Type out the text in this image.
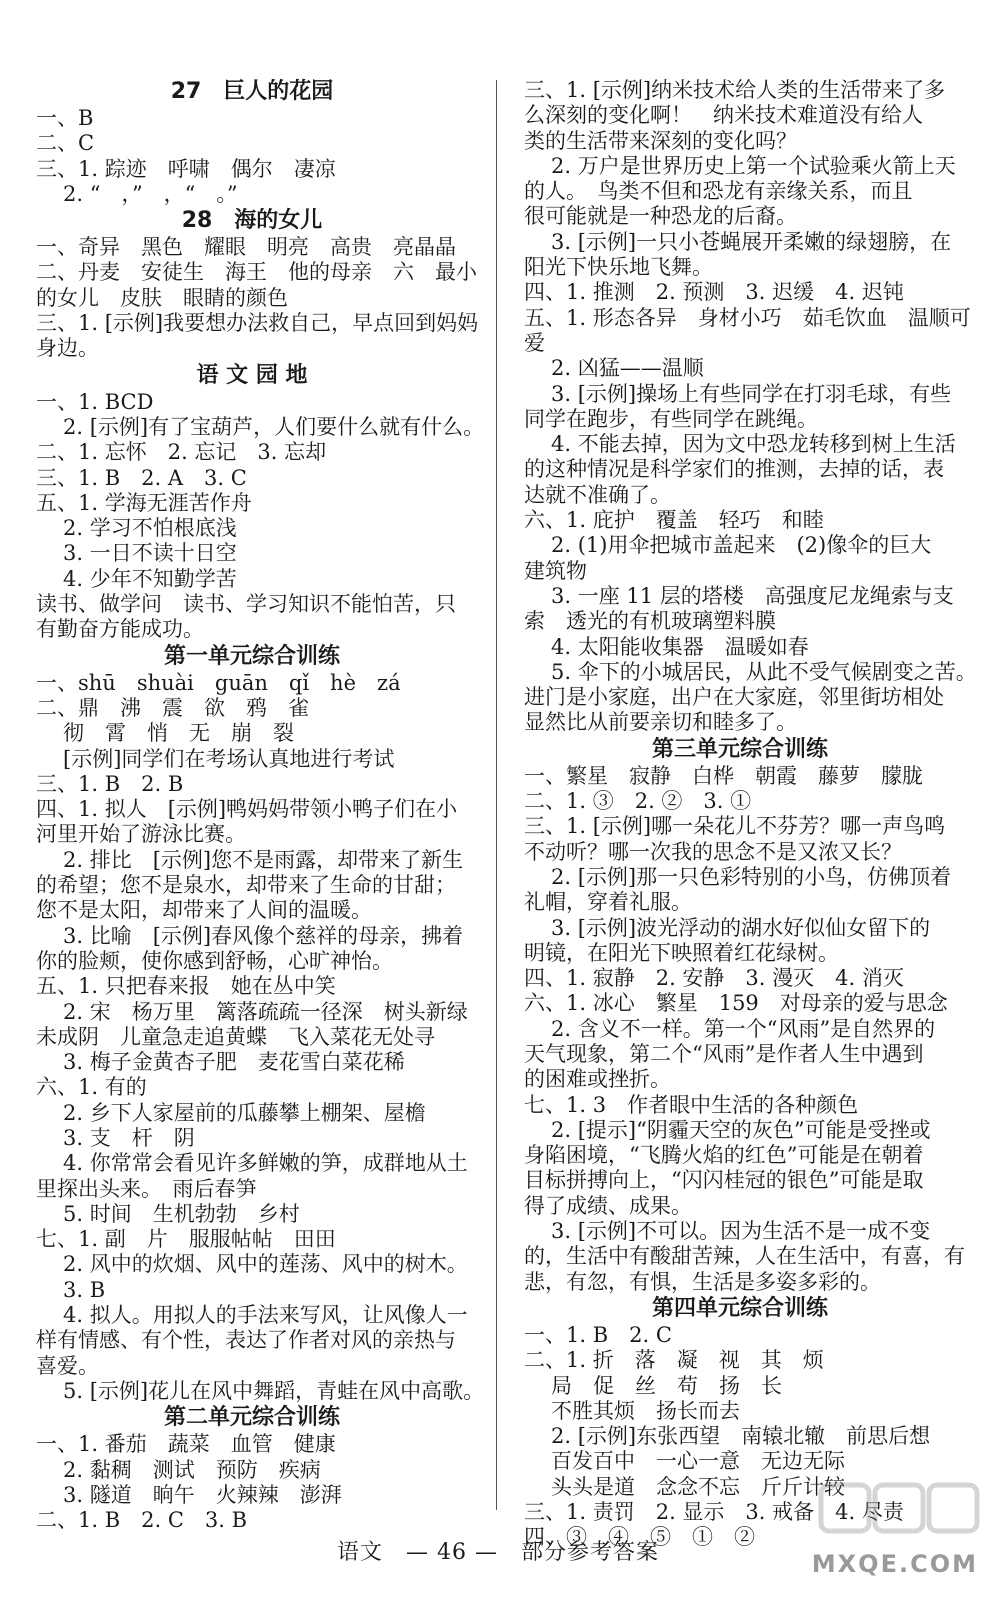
27　巨人的花园
一、B
二、C
三、1. 踪迹　呼啸　偶尔　凄凉
2. “　，”　，“　。”
28　海的女儿
一、奇异　黑色　耀眼　明亮　高贵　亮晶晶
二、丹麦　安徒生　海王　他的母亲　六　最小
的女儿　皮肤　眼睛的颜色
三、1. [示例]我要想办法救自己，早点回到妈妈
身边。
语 文 园 地
一、1. BCD
2. [示例]有了宝葫芦，人们要什么就有什么。
二、1. 忘怀　2. 忘记　3. 忘却
三、1. B　2. A　3. C
五、1. 学海无涯苦作舟
2. 学习不怕根底浅
3. 一日不读十日空
4. 少年不知勤学苦
读书、做学问　读书、学习知识不能怕苦，只
有勤奋方能成功。
第一单元综合训练
一、shū　shuài　guān　qǐ　hè　zá
二、鼎　沸　震　欲　鸦　雀
彻　霄　悄　无　崩　裂
[示例]同学们在考场认真地进行考试
三、1. B　2. B
四、1. 拟人　[示例]鸭妈妈带领小鸭子们在小
河里开始了游泳比赛。
2. 排比　[示例]您不是雨露，却带来了新生
的希望；您不是泉水，却带来了生命的甘甜；
您不是太阳，却带来了人间的温暖。
3. 比喻　[示例]春风像个慈祥的母亲，拂着
你的脸颊，使你感到舒畅，心旷神怡。
五、1. 只把春来报　她在丛中笑
2. 宋　杨万里　篱落疏疏一径深　树头新绿
未成阴　儿童急走追黄蝶　飞入菜花无处寻
3. 梅子金黄杏子肥　麦花雪白菜花稀
六、1. 有的
2. 乡下人家屋前的瓜藤攀上棚架、屋檐
3. 支　杆　阴
4. 你常常会看见许多鲜嫩的笋，成群地从土
里探出头来。　雨后春笋
5. 时间　生机勃勃　乡村
七、1. 副　片　服服帖帖　田田
2. 风中的炊烟、风中的莲荡、风中的树木。
3. B
4. 拟人。用拟人的手法来写风，让风像人一
样有情感、有个性，表达了作者对风的亲热与
喜爱。
5. [示例]花儿在风中舞蹈，青蛙在风中高歌。
第二单元综合训练
一、1. 番茄　蔬菜　血管　健康
2. 黏稠　测试　预防　疾病
3. 隧道　晌午　火辣辣　澎湃
二、1. B　2. C　3. B
三、1. [示例]纳米技术给人类的生活带来了多
么深刻的变化啊！　纳米技术难道没有给人
类的生活带来深刻的变化吗？
2. 万户是世界历史上第一个试验乘火箭上天
的人。　鸟类不但和恐龙有亲缘关系，而且
很可能就是一种恐龙的后裔。
3. [示例]一只小苍蝇展开柔嫩的绿翅膀，在
阳光下快乐地飞舞。
四、1. 推测　2. 预测　3. 迟缓　4. 迟钝
五、1. 形态各异　身材小巧　茹毛饮血　温顺可
爱
2. 凶猛——温顺
3. [示例]操场上有些同学在打羽毛球，有些
同学在跑步，有些同学在跳绳。
4. 不能去掉，因为文中恐龙转移到树上生活
的这种情况是科学家们的推测，去掉的话，表
达就不准确了。
六、1. 庇护　覆盖　轻巧　和睦
2. (1)用伞把城市盖起来　(2)像伞的巨大
建筑物
3. 一座 11 层的塔楼　高强度尼龙绳索与支
索　透光的有机玻璃塑料膜
4. 太阳能收集器　温暖如春
5. 伞下的小城居民，从此不受气候剧变之苦。
进门是小家庭，出户在大家庭，邻里街坊相处
显然比从前要亲切和睦多了。
第三单元综合训练
一、繁星　寂静　白桦　朝霞　藤萝　朦胧
二、1. ③　2. ②　3. ①
三、1. [示例]哪一朵花儿不芬芳？哪一声鸟鸣
不动听？哪一次我的思念不是又浓又长？
2. [示例]那一只色彩特别的小鸟，仿佛顶着
礼帽，穿着礼服。
3. [示例]波光浮动的湖水好似仙女留下的
明镜，在阳光下映照着红花绿树。
四、1. 寂静　2. 安静　3. 漫灭　4. 消灭
六、1. 冰心　繁星　159　对母亲的爱与思念
2. 含义不一样。第一个“风雨”是自然界的
天气现象，第二个“风雨”是作者人生中遇到
的困难或挫折。
七、1. 3　作者眼中生活的各种颜色
2. [提示]“阴霾天空的灰色”可能是受挫或
身陷困境，“飞腾火焰的红色”可能是在朝着
目标拼搏向上，“闪闪桂冠的银色”可能是取
得了成绩、成果。
3. [示例]不可以。因为生活不是一成不变
的，生活中有酸甜苦辣，人在生活中，有喜，有
悲，有忽，有惧，生活是多姿多彩的。
第四单元综合训练
一、1. B　2. C
二、1. 折　落　凝　视　其　烦
局　促　丝　苟　扬　长
不胜其烦　扬长而去
2. [示例]东张西望　南辕北辙　前思后想
百发百中　一心一意　无边无际
头头是道　念念不忘　斤斤计较
三、1. 责罚　2. 显示　3. 戒备　4. 尽责
四、③　④　⑤　①　②
语文　— 46 —　部分参考答案	MXQE.COM
